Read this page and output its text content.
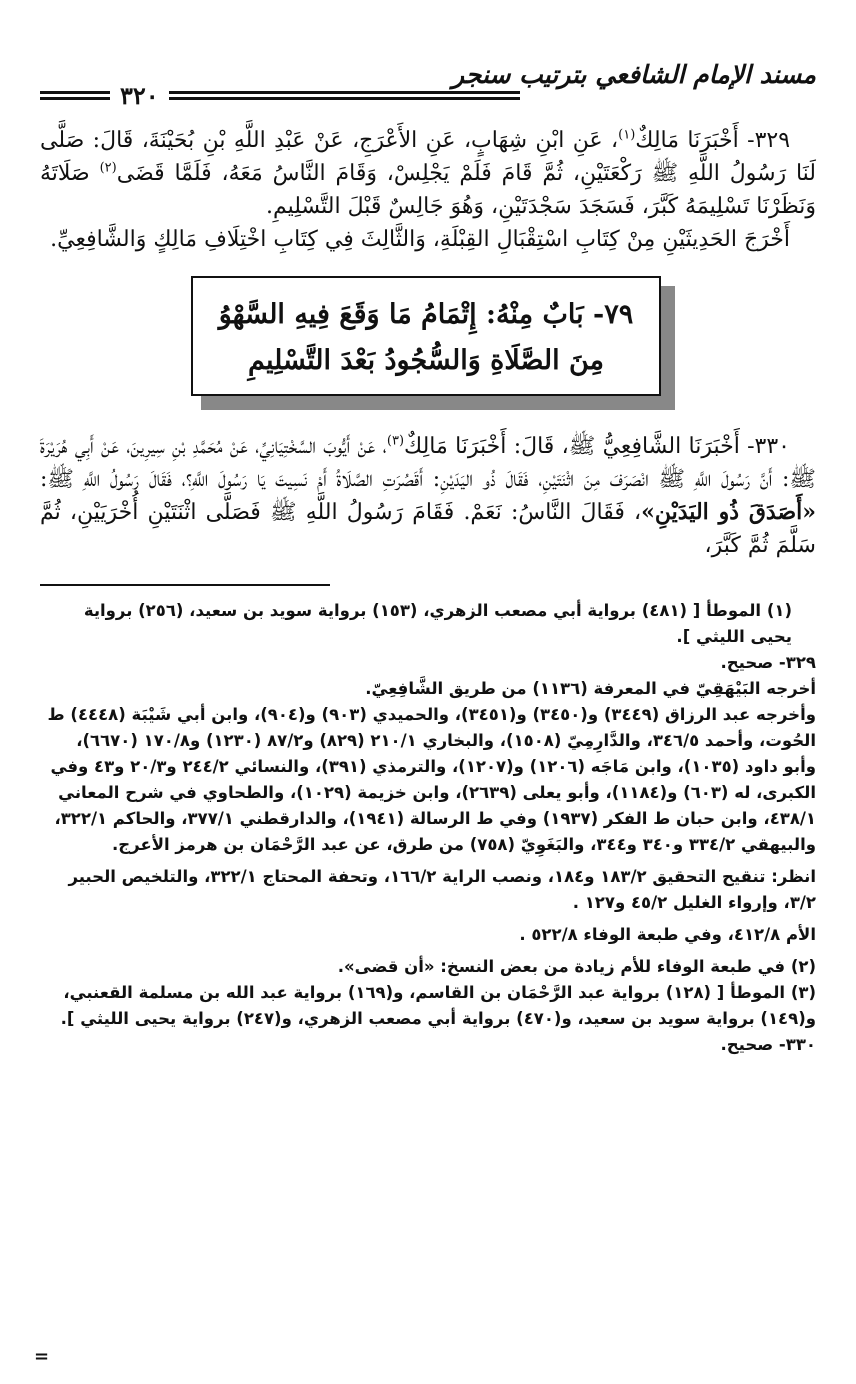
مسند الإمام الشافعي بترتيب سنجر
٣٢٠

٣٢٩- أَخْبَرَنَا مَالِكٌ$^{(١)}$، عَنِ ابْنِ شِهَابٍ، عَنِ الأَعْرَجِ، عَنْ عَبْدِ اللَّهِ بْنِ بُحَيْنَةَ، قَالَ: صَلَّى لَنَا رَسُولُ اللَّهِ ﷺ رَكْعَتَيْنِ، ثُمَّ قَامَ فَلَمْ يَجْلِسْ، وَقَامَ النَّاسُ مَعَهُ، فَلَمَّا قَضَى$^{(٢)}$ صَلَاتَهُ وَنَظَرْنَا تَسْلِيمَهُ كَبَّرَ، فَسَجَدَ سَجْدَتَيْنِ، وَهُوَ جَالِسٌ قَبْلَ التَّسْلِيمِ.

أَخْرَجَ الحَدِيثَيْنِ مِنْ كِتَابِ اسْتِقْبَالِ القِبْلَةِ، وَالثَّالِثَ فِي كِتَابِ اخْتِلَافِ مَالِكٍ وَالشَّافِعِيِّ.

٧٩- بَابٌ مِنْهُ: إِتْمَامُ مَا وَقَعَ فِيهِ السَّهْوُ
مِنَ الصَّلَاةِ وَالسُّجُودُ بَعْدَ التَّسْلِيمِ

٣٣٠- أَخْبَرَنَا الشَّافِعِيُّ ﷺ، قَالَ: أَخْبَرَنَا مَالِكٌ$^{(٣)}$، عَنْ أَيُّوبَ السَّخْتِيَانِيِّ، عَنْ مُحَمَّدِ بْنِ سِيرِينَ، عَنْ أَبِي هُرَيْرَةَ ﷺ: أَنَّ رَسُولَ اللَّهِ ﷺ انْصَرَفَ مِنَ اثْنَتَيْنِ، فَقَالَ ذُو اليَدَيْنِ: أَقَصُرَتِ الصَّلَاةُ أَمْ نَسِيتَ يَا رَسُولَ اللَّهِ؟، فَقَالَ رَسُولُ اللَّهِ ﷺ: «أَصَدَقَ ذُو اليَدَيْنِ»، فَقَالَ النَّاسُ: نَعَمْ. فَقَامَ رَسُولُ اللَّهِ ﷺ فَصَلَّى اثْنَتَيْنِ أُخْرَيَيْنِ، ثُمَّ سَلَّمَ ثُمَّ كَبَّرَ،

(١) الموطأ [ (٤٨١) برواية أبي مصعب الزهري، (١٥٣) برواية سويد بن سعيد، (٢٥٦) برواية يحيى الليثي ].

٣٢٩- صحيح.

أخرجه البَيْهَقِيّ في المعرفة (١١٣٦) من طريق الشَّافِعِيّ.

وأخرجه عبد الرزاق (٣٤٤٩) و(٣٤٥٠) و(٣٤٥١)، والحميدي (٩٠٣) و(٩٠٤)، وابن أبي شَيْبَة (٤٤٤٨) ط الحُوت، وأحمد ٣٤٦/٥، والدَّارِمِيّ (١٥٠٨)، والبخاري ٢١٠/١ (٨٢٩) و٨٧/٢ (١٢٣٠) و١٧٠/٨ (٦٦٧٠)، وأبو داود (١٠٣٥)، وابن مَاجَه (١٢٠٦) و(١٢٠٧)، والترمذي (٣٩١)، والنسائي ٢٤٤/٢ و٢٠/٣ و٤٣ وفي الكبرى، له (٦٠٣) و(١١٨٤)، وأبو يعلى (٢٦٣٩)، وابن خزيمة (١٠٢٩)، والطحاوي في شرح المعاني ٤٣٨/١، وابن حبان ط الفكر (١٩٣٧) وفي ط الرسالة (١٩٤١)، والدارقطني ٣٧٧/١، والحاكم ٣٢٢/١، والبيهقي ٣٣٤/٢ و٣٤٠ و٣٤٤، والبَغَوِيّ (٧٥٨) من طرق، عن عبد الرَّحْمَان بن هرمز الأعرج.

انظر: تنقيح التحقيق ١٨٣/٢ و١٨٤، ونصب الراية ١٦٦/٢، وتحفة المحتاج ٣٢٢/١، والتلخيص الحبير ٣/٢، وإرواء الغليل ٤٥/٢ و١٢٧ .

الأم ٤١٢/٨، وفي طبعة الوفاء ٥٢٢/٨ .

(٢) في طبعة الوفاء للأم زيادة من بعض النسخ: «أن قضى».

(٣) الموطأ [ (١٢٨) برواية عبد الرَّحْمَان بن القاسم، و(١٦٩) برواية عبد الله بن مسلمة القعنبي، و(١٤٩) برواية سويد بن سعيد، و(٤٧٠) برواية أبي مصعب الزهري، و(٢٤٧) برواية يحيى الليثي ].

٣٣٠- صحيح.

=
